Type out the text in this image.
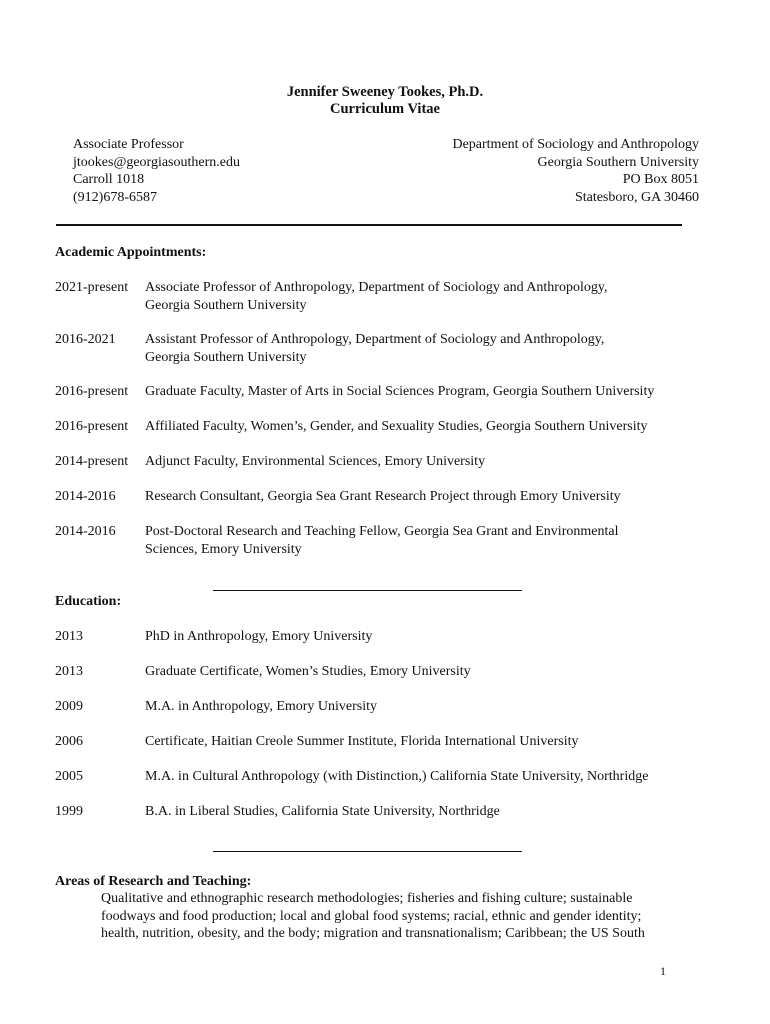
Jennifer Sweeney Tookes, Ph.D.
Curriculum Vitae
Associate Professor
jtookes@georgiasouthern.edu
Carroll 1018
(912)678-6587
Department of Sociology and Anthropology
Georgia Southern University
PO Box 8051
Statesboro, GA 30460
Academic Appointments:
2021-present Associate Professor of Anthropology, Department of Sociology and Anthropology,
Georgia Southern University
2016-2021 Assistant Professor of Anthropology, Department of Sociology and Anthropology,
Georgia Southern University
2016-present Graduate Faculty, Master of Arts in Social Sciences Program, Georgia Southern University
2016-present Affiliated Faculty, Women’s, Gender, and Sexuality Studies, Georgia Southern University
2014-present Adjunct Faculty, Environmental Sciences, Emory University
2014-2016 Research Consultant, Georgia Sea Grant Research Project through Emory University
2014-2016 Post-Doctoral Research and Teaching Fellow, Georgia Sea Grant and Environmental
Sciences, Emory University
Education:
2013	PhD in Anthropology, Emory University
2013	Graduate Certificate, Women’s Studies, Emory University
2009	M.A. in Anthropology, Emory University
2006	Certificate, Haitian Creole Summer Institute, Florida International University
2005	M.A. in Cultural Anthropology (with Distinction,) California State University, Northridge
1999	B.A. in Liberal Studies, California State University, Northridge
Areas of Research and Teaching:
Qualitative and ethnographic research methodologies; fisheries and fishing culture; sustainable
foodways and food production; local and global food systems; racial, ethnic and gender identity;
health, nutrition, obesity, and the body; migration and transnationalism; Caribbean; the US South
1
